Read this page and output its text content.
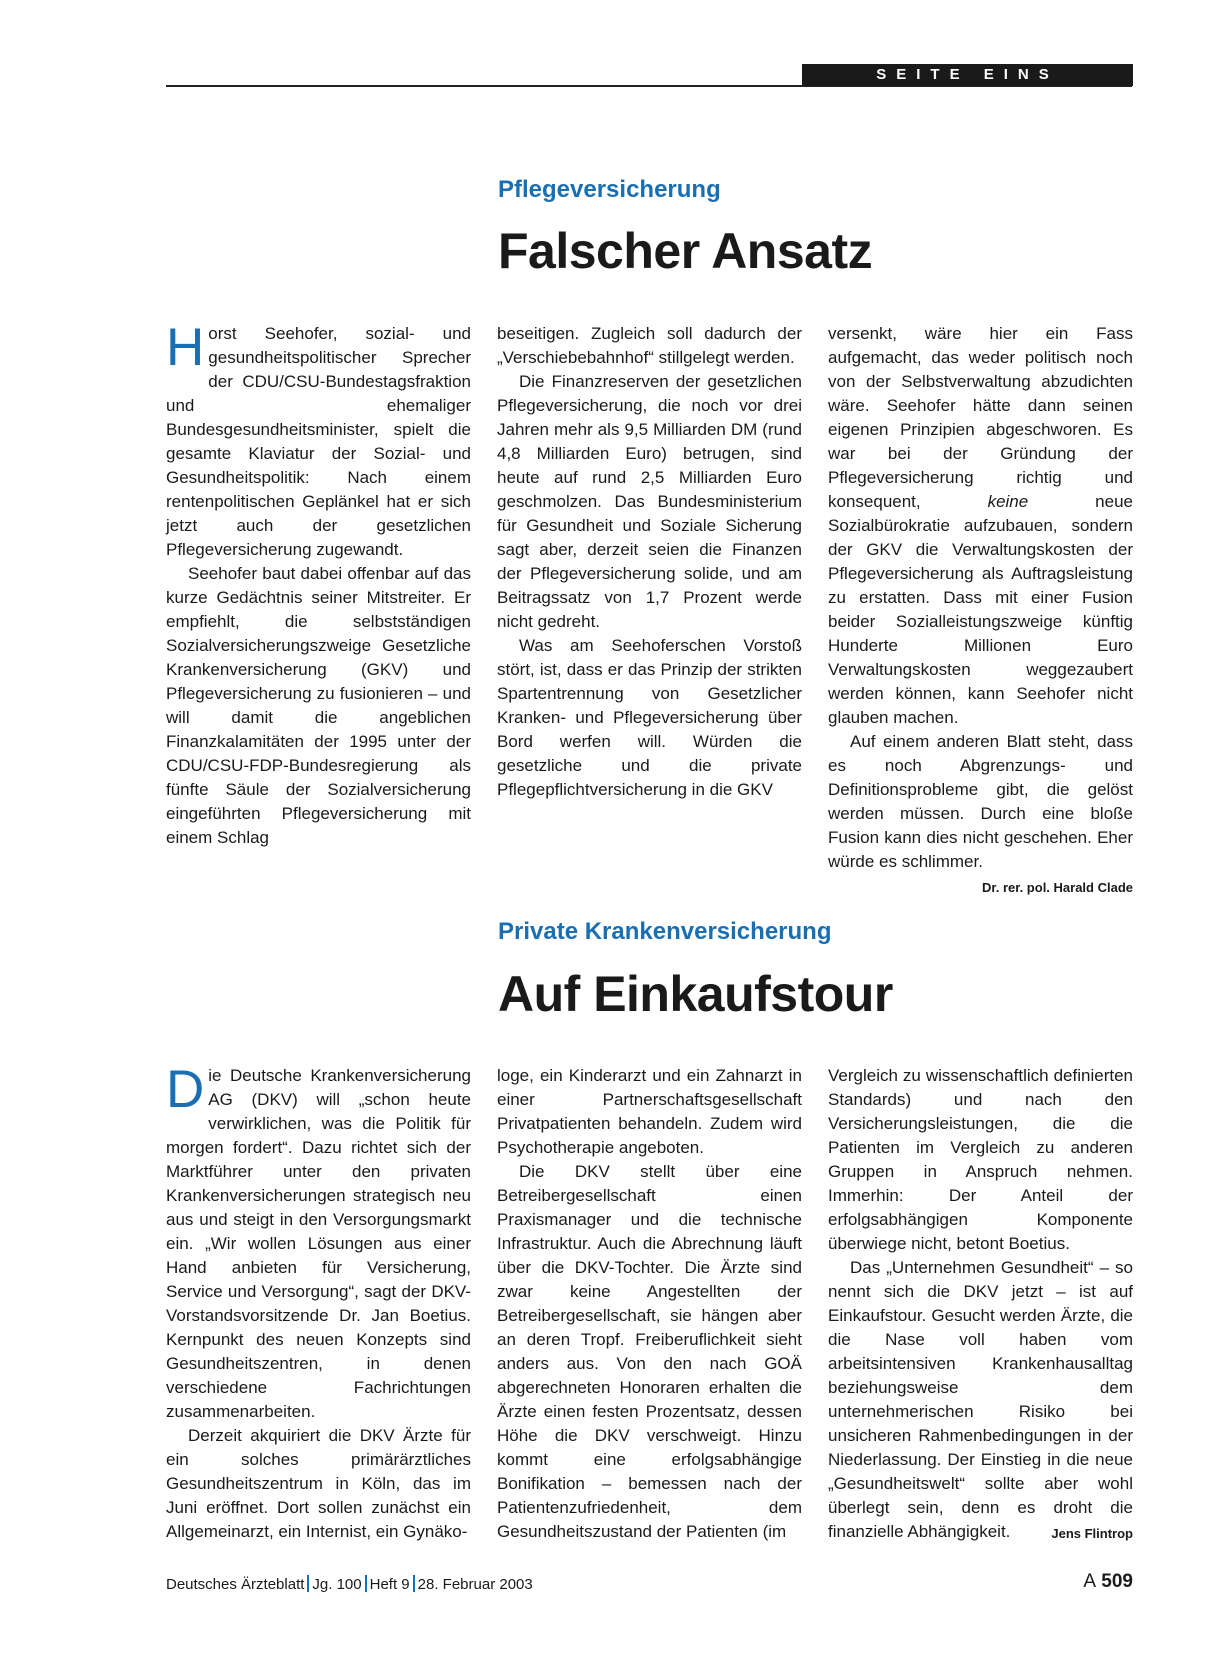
SEITE EINS
Pflegeversicherung
Falscher Ansatz

Horst Seehofer, sozial- und gesundheitspolitischer Sprecher der CDU/CSU-Bundestagsfraktion und ehemaliger Bundesgesundheitsminister, spielt die gesamte Klaviatur der Sozial- und Gesundheitspolitik: Nach einem rentenpolitischen Geplänkel hat er sich jetzt auch der gesetzlichen Pflegeversicherung zugewandt.

Seehofer baut dabei offenbar auf das kurze Gedächtnis seiner Mitstreiter. Er empfiehlt, die selbstständigen Sozialversicherungszweige Gesetzliche Krankenversicherung (GKV) und Pflegeversicherung zu fusionieren – und will damit die angeblichen Finanzkalamitäten der 1995 unter der CDU/CSU-FDP-Bundesregierung als fünfte Säule der Sozialversicherung eingeführten Pflegeversicherung mit einem Schlag

beseitigen. Zugleich soll dadurch der „Verschiebebahnhof“ stillgelegt werden.

Die Finanzreserven der gesetzlichen Pflegeversicherung, die noch vor drei Jahren mehr als 9,5 Milliarden DM (rund 4,8 Milliarden Euro) betrugen, sind heute auf rund 2,5 Milliarden Euro geschmolzen. Das Bundesministerium für Gesundheit und Soziale Sicherung sagt aber, derzeit seien die Finanzen der Pflegeversicherung solide, und am Beitragssatz von 1,7 Prozent werde nicht gedreht.

Was am Seehoferschen Vorstoß stört, ist, dass er das Prinzip der strikten Spartentrennung von Gesetzlicher Kranken- und Pflegeversicherung über Bord werfen will. Würden die gesetzliche und die private Pflegepflichtversicherung in die GKV

versenkt, wäre hier ein Fass aufgemacht, das weder politisch noch von der Selbstverwaltung abzudichten wäre. Seehofer hätte dann seinen eigenen Prinzipien abgeschworen. Es war bei der Gründung der Pflegeversicherung richtig und konsequent,	keine	neue Sozialbürokratie aufzubauen, sondern der GKV die Verwaltungskosten der Pflegeversicherung als Auftragsleistung zu erstatten. Dass mit einer Fusion beider Sozialleistungszweige künftig Hunderte Millionen Euro Verwaltungskosten weggezaubert werden können, kann Seehofer nicht glauben machen.

Auf einem anderen Blatt steht, dass es noch Abgrenzungs- und Definitionsprobleme gibt, die gelöst werden müssen. Durch eine bloße Fusion kann dies nicht geschehen. Eher würde es schlimmer.
Dr. rer. pol. Harald Clade

Private Krankenversicherung
Auf Einkaufstour

Die Deutsche Krankenversicherung AG (DKV) will „schon heute verwirklichen, was die Politik für morgen fordert“. Dazu richtet sich der Marktführer unter den privaten Krankenversicherungen strategisch neu aus und steigt in den Versorgungsmarkt ein. „Wir wollen Lösungen aus einer Hand anbieten für Versicherung, Service und Versorgung“, sagt der DKV-Vorstandsvorsitzende Dr. Jan Boetius. Kernpunkt des neuen Konzepts sind Gesundheitszentren, in denen verschiedene Fachrichtungen zusammenarbeiten.

Derzeit akquiriert die DKV Ärzte für ein solches primärärztliches Gesundheitszentrum in Köln, das im Juni eröffnet. Dort sollen zunächst ein Allgemeinarzt, ein Internist, ein Gynäko-

loge, ein Kinderarzt und ein Zahnarzt in einer Partnerschaftsgesellschaft Privatpatienten behandeln. Zudem wird Psychotherapie angeboten.

Die DKV stellt über eine Betreibergesellschaft einen Praxismanager und die technische Infrastruktur. Auch die Abrechnung läuft über die DKV-Tochter. Die Ärzte sind zwar keine Angestellten der Betreibergesellschaft, sie hängen aber an deren Tropf. Freiberuflichkeit sieht anders aus. Von den nach GOÄ abgerechneten Honoraren erhalten die Ärzte einen festen Prozentsatz, dessen Höhe die DKV verschweigt. Hinzu kommt eine erfolgsabhängige Bonifikation – bemessen nach der Patientenzufriedenheit, dem Gesundheitszustand der Patienten (im

Vergleich zu wissenschaftlich definierten Standards) und nach den Versicherungsleistungen, die die Patienten im Vergleich zu anderen Gruppen in Anspruch nehmen. Immerhin: Der Anteil der erfolgsabhängigen Komponente überwiege nicht, betont Boetius.

Das „Unternehmen Gesundheit“ – so nennt sich die DKV jetzt – ist auf Einkaufstour. Gesucht werden Ärzte, die die Nase voll haben vom arbeitsintensiven Krankenhausalltag beziehungsweise dem unternehmerischen Risiko bei unsicheren Rahmenbedingungen in der Niederlassung. Der Einstieg in die neue „Gesundheitswelt“ sollte aber wohl überlegt sein, denn es droht die finanzielle Abhängigkeit.	Jens Flintrop

Deutsches Ärzteblatt Jg. 100 Heft 9 28. Februar 2003	A 509
